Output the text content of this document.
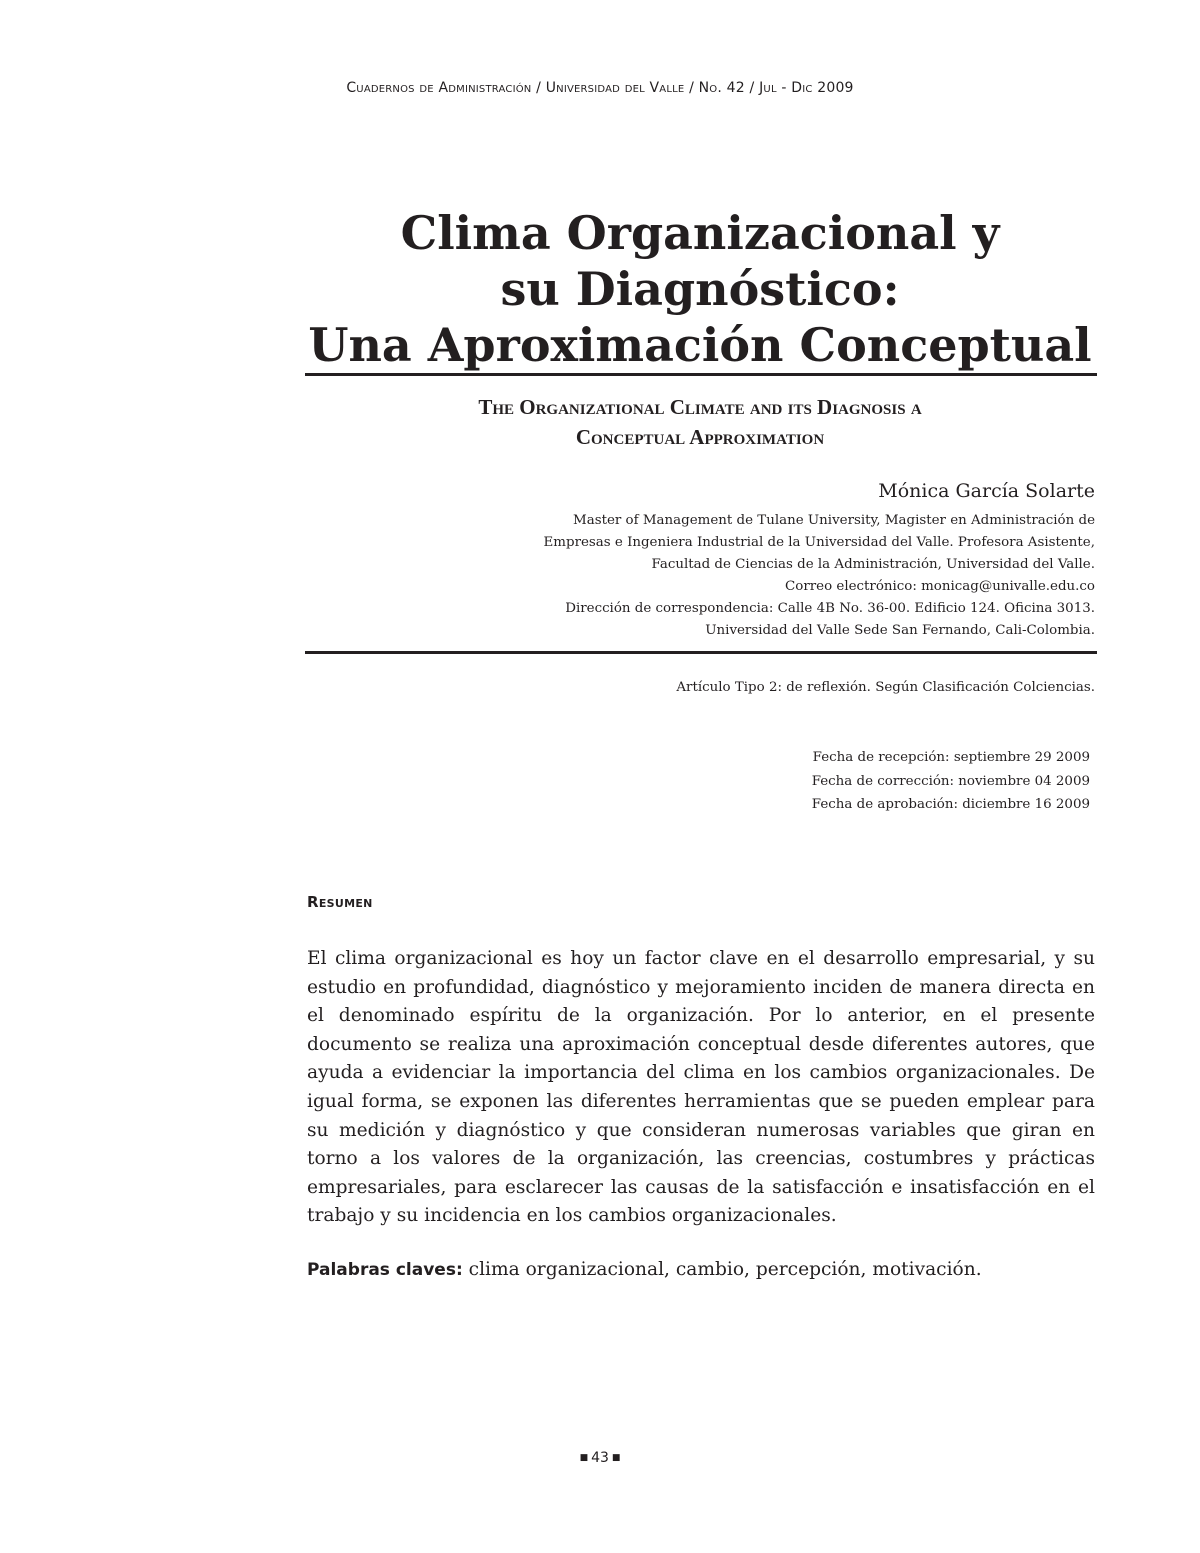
Cuadernos de Administración / Universidad del Valle / No. 42 / Jul - Dic 2009
Clima Organizacional y
su Diagnóstico:
Una Aproximación Conceptual
The Organizational Climate and its Diagnosis a
Conceptual Approximation
Mónica García Solarte
Master of Management de Tulane University, Magister en Administración de
Empresas e Ingeniera Industrial de la Universidad del Valle. Profesora Asistente,
Facultad de Ciencias de la Administración, Universidad del Valle.
Correo electrónico: monicag@univalle.edu.co
Dirección de correspondencia: Calle 4B No. 36-00. Edificio 124. Oficina 3013.
Universidad del Valle Sede San Fernando, Cali-Colombia.
Artículo Tipo 2: de reflexión. Según Clasificación Colciencias.
Fecha de recepción: septiembre 29 2009
Fecha de corrección: noviembre 04 2009
Fecha de aprobación: diciembre 16 2009
Resumen
El clima organizacional es hoy un factor clave en el desarrollo empresarial, y su estudio en profundidad, diagnóstico y mejoramiento inciden de manera directa en el denominado espíritu de la organización. Por lo anterior, en el presente documento se realiza una aproximación conceptual desde diferentes autores, que ayuda a evidenciar la importancia del clima en los cambios organizacionales. De igual forma, se exponen las diferentes herramientas que se pueden emplear para su medición y diagnóstico y que consideran numerosas variables que giran en torno a los valores de la organización, las creencias, costumbres y prácticas empresariales, para esclarecer las causas de la satisfacción e insatisfacción en el trabajo y su incidencia en los cambios organizacionales.
Palabras claves: clima organizacional, cambio, percepción, motivación.
■ 43 ■
